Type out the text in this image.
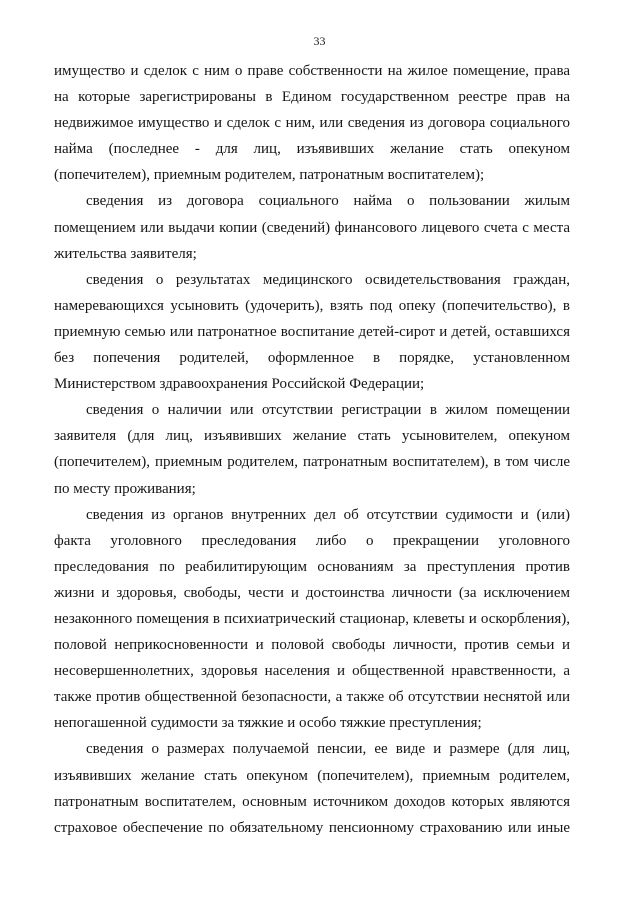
33
имущество и сделок с ним о праве собственности на жилое помещение, права
на которые зарегистрированы в Едином государственном реестре прав на
недвижимое имущество и сделок с ним, или сведения из договора социального
найма (последнее - для лиц, изъявивших желание стать опекуном
(попечителем), приемным родителем, патронатным воспитателем);
сведения из договора социального найма о пользовании жилым
помещением или выдачи копии (сведений) финансового лицевого счета с места
жительства заявителя;
сведения о результатах медицинского освидетельствования граждан,
намеревающихся усыновить (удочерить), взять под опеку (попечительство), в
приемную семью или патронатное воспитание детей-сирот и детей, оставшихся
без попечения родителей, оформленное в порядке, установленном
Министерством здравоохранения Российской Федерации;
сведения о наличии или отсутствии регистрации в жилом помещении
заявителя (для лиц, изъявивших желание стать усыновителем, опекуном
(попечителем), приемным родителем, патронатным воспитателем), в том числе
по месту проживания;
сведения из органов внутренних дел об отсутствии судимости и (или)
факта уголовного преследования либо о прекращении уголовного
преследования по реабилитирующим основаниям за преступления против
жизни и здоровья, свободы, чести и достоинства личности (за исключением
незаконного помещения в психиатрический стационар, клеветы и оскорбления),
половой неприкосновенности и половой свободы личности, против семьи и
несовершеннолетних, здоровья населения и общественной нравственности, а
также против общественной безопасности, а также об отсутствии неснятой или
непогашенной судимости за тяжкие и особо тяжкие преступления;
сведения о размерах получаемой пенсии, ее виде и размере (для лиц,
изъявивших желание стать опекуном (попечителем), приемным родителем,
патронатным воспитателем, основным источником доходов которых являются
страховое обеспечение по обязательному пенсионному страхованию или иные
